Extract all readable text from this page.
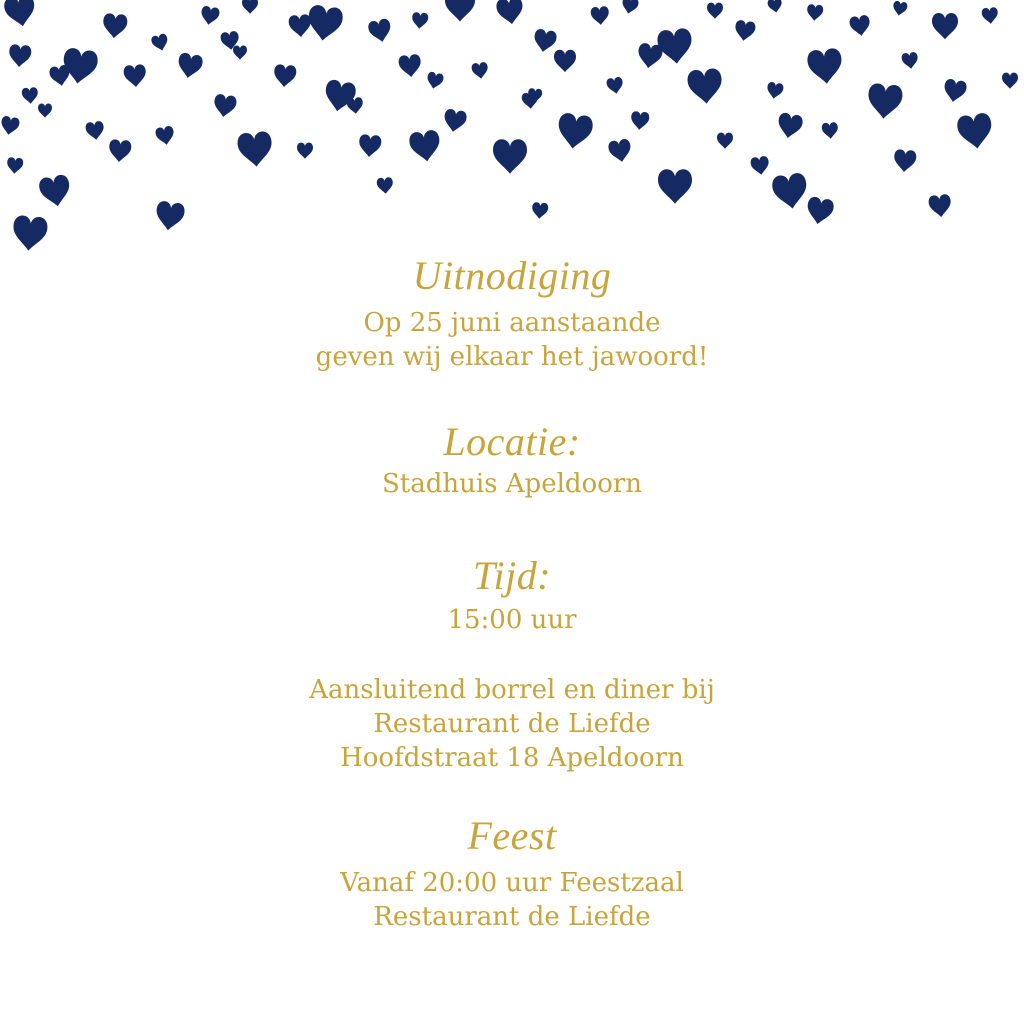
Uitnodiging
Op 25 juni aanstaande
geven wij elkaar het jawoord!
Locatie:
Stadhuis Apeldoorn
Tijd:
15:00 uur
Aansluitend borrel en diner bij
Restaurant de Liefde
Hoofdstraat 18 Apeldoorn
Feest
Vanaf 20:00 uur Feestzaal
Restaurant de Liefde
